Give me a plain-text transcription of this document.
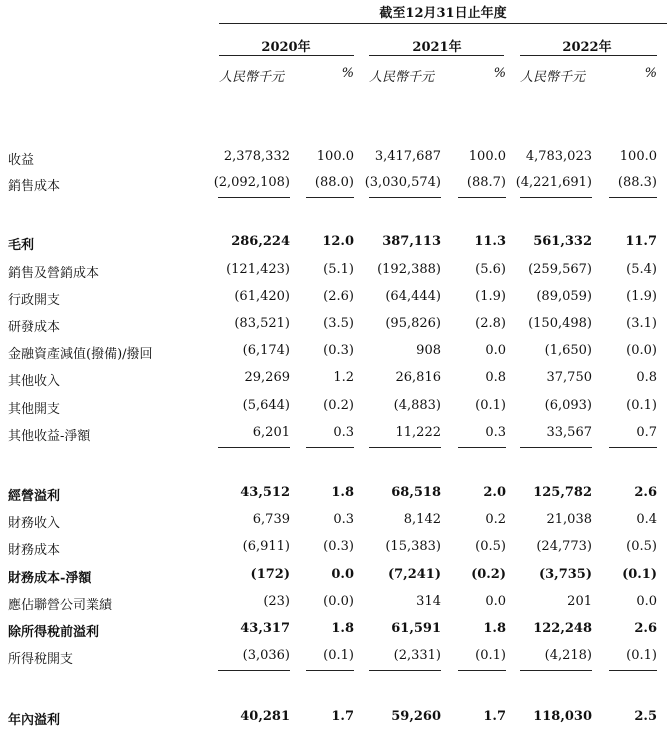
截至12月31日止年度
2020年
人民幣千元	%
2021年
人民幣千元	%
2022年
人民幣千元	%
收益	2,378,332	100.0	3,417,687	100.0	4,783,023	100.0
銷售成本	(2,092,108)	(88.0) (3,030,574)	(88.7) (4,221,691)	(88.3)
毛利	286,224	12.0	387,113	11.3	561,332	11.7
銷售及營銷成本	(121,423)	(5.1)	(192,388)	(5.6)	(259,567)	(5.4)
行政開支	(61,420)	(2.6)	(64,444)	(1.9)	(89,059)	(1.9)
研發成本	(83,521)	(3.5)	(95,826)	(2.8)	(150,498)	(3.1)
金融資產減值(撥備)/撥回	(6,174)	(0.3)	908	0.0	(1,650)	(0.0)
其他收入	29,269	1.2	26,816	0.8	37,750	0.8
其他開支	(5,644)	(0.2)	(4,883)	(0.1)	(6,093)	(0.1)
其他收益-淨額	6,201	0.3	11,222	0.3	33,567	0.7
經營溢利	43,512	1.8	68,518	2.0	125,782	2.6
財務收入	6,739	0.3	8,142	0.2	21,038	0.4
財務成本	(6,911)	(0.3)	(15,383)	(0.5)	(24,773)	(0.5)
財務成本-淨額	(172)	0.0	(7,241)	(0.2)	(3,735)	(0.1)
應佔聯營公司業績	(23)	(0.0)	314	0.0	201	0.0
除所得稅前溢利	43,317	1.8	61,591	1.8	122,248	2.6
所得稅開支	(3,036)	(0.1)	(2,331)	(0.1)	(4,218)	(0.1)
年內溢利	40,281	1.7	59,260	1.7	118,030	2.5
